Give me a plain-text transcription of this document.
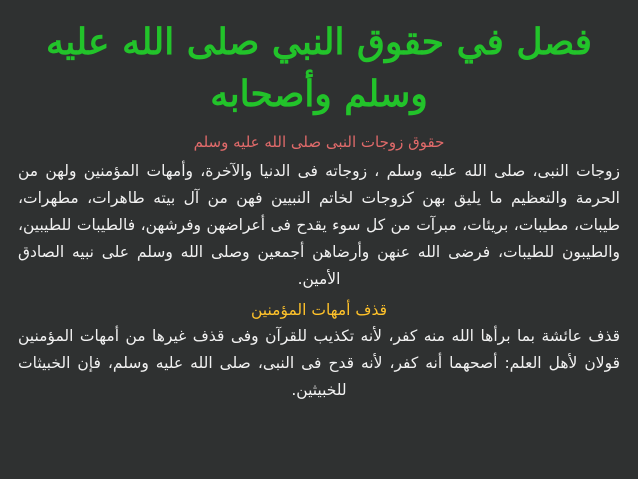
فصل في حقوق النبي صلى الله عليه وسلم وأصحابه
حقوق زوجات النبى صلى الله عليه وسلم

زوجات النبى، صلى الله عليه وسلم ، زوجاته فى الدنيا والآخرة، وأمهات المؤمنين ولهن من الحرمة والتعظيم ما يليق بهن كزوجات لخاتم النبيين فهن من آل بيته طاهرات، مطهرات، طيبات، مطيبات، بريئات، مبرآت من كل سوء يقدح فى أعراضهن وفرشهن، فالطيبات للطيبين، والطيبون للطيبات، فرضى الله عنهن وأرضاهن أجمعين وصلى الله وسلم على نبيه الصادق الأمين.

قذف أمهات المؤمنين

قذف عائشة بما برأها الله منه كفر، لأنه تكذيب للقرآن وفى قذف غيرها من أمهات المؤمنين قولان لأهل العلم: أصحهما أنه كفر، لأنه قدح فى النبى، صلى الله عليه وسلم، فإن الخبيثات للخبيثين.
